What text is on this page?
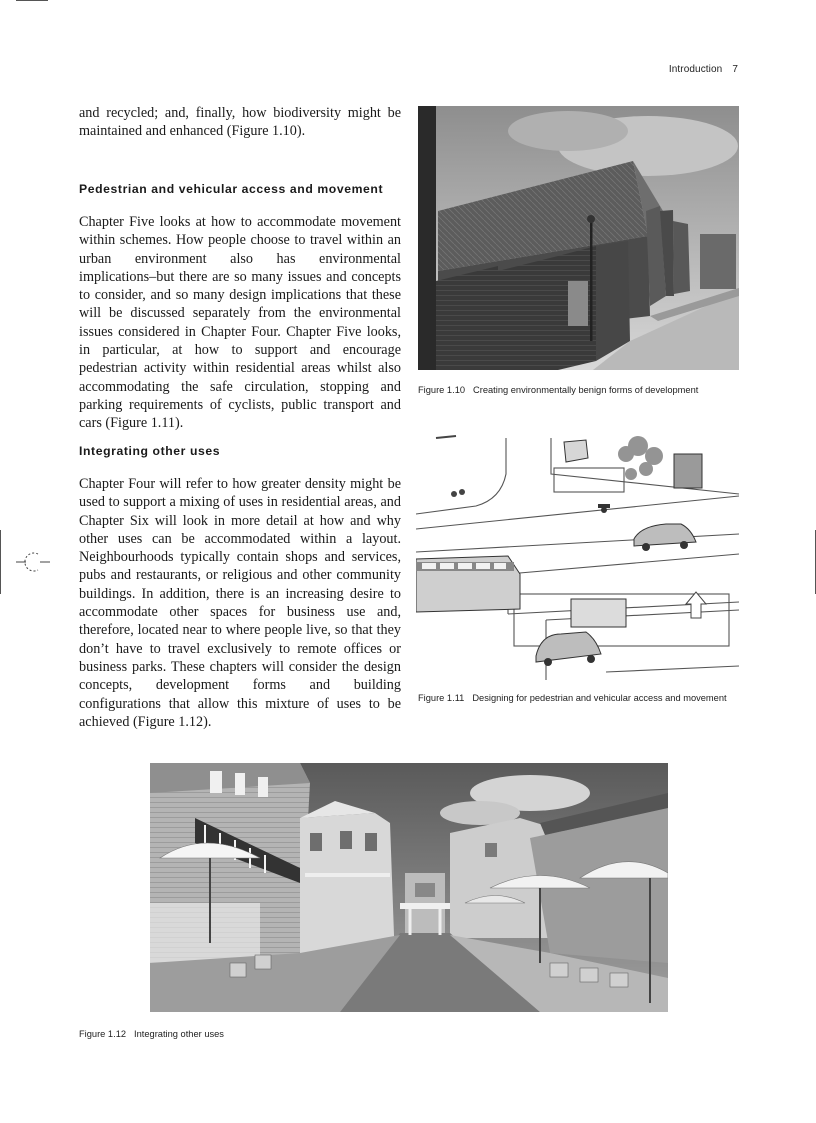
Introduction 7

and recycled; and, finally, how biodiversity might be maintained and enhanced (Figure 1.10).

Pedestrian and vehicular access and movement

Chapter Five looks at how to accommodate movement within schemes. How people choose to travel within an urban environment also has environmental implications–but there are so many issues and concepts to consider, and so many design implications that these will be discussed separately from the environmental issues considered in Chapter Four. Chapter Five looks, in particular, at how to support and encourage pedestrian activity within residential areas whilst also accommodating the safe circulation, stopping and parking requirements of cyclists, public transport and cars (Figure 1.11).

Integrating other uses

Chapter Four will refer to how greater density might be used to support a mixing of uses in residential areas, and Chapter Six will look in more detail at how and why other uses can be accommodated within a layout. Neighbourhoods typically contain shops and services, pubs and restaurants, or religious and other community buildings. In addition, there is an increasing desire to accommodate other spaces for business use and, therefore, located near to where people live, so that they don’t have to travel exclusively to remote offices or business parks. These chapters will consider the design concepts, development forms and building configurations that allow this mixture of uses to be achieved (Figure 1.12).

Figure 1.10 Creating environmentally benign forms of development
Figure 1.11 Designing for pedestrian and vehicular access and movement
Figure 1.12 Integrating other uses
